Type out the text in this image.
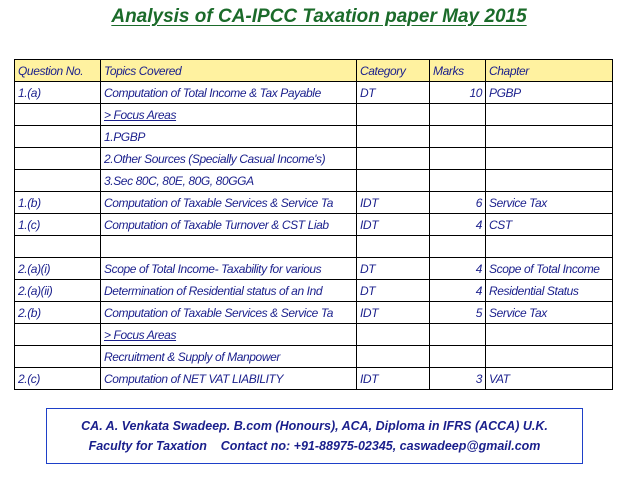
Analysis of CA-IPCC Taxation paper May 2015
Question No.	Topics Covered	Category	Marks	Chapter
1.(a)	Computation of Total Income & Tax Payable	DT	10	PGBP
	> Focus Areas			
	1.PGBP			
	2.Other Sources (Specially Casual Income's)			
	3.Sec 80C, 80E, 80G, 80GGA			
1.(b)	Computation of Taxable Services & Service Ta	IDT	6	Service Tax
1.(c)	Computation of Taxable Turnover & CST Liab	IDT	4	CST

2.(a)(i)	Scope of Total Income- Taxability for various	DT	4	Scope of Total Income
2.(a)(ii)	Determination of Residential status of an Ind	DT	4	Residential Status
2.(b)	Computation of Taxable Services & Service Ta	IDT	5	Service Tax
	> Focus Areas			
	Recruitment & Supply of Manpower			
2.(c)	Computation of NET VAT LIABILITY	IDT	3	VAT
CA. A. Venkata Swadeep. B.com (Honours), ACA, Diploma in IFRS (ACCA) U.K.
Faculty for Taxation    Contact no: +91-88975-02345, caswadeep@gmail.com
